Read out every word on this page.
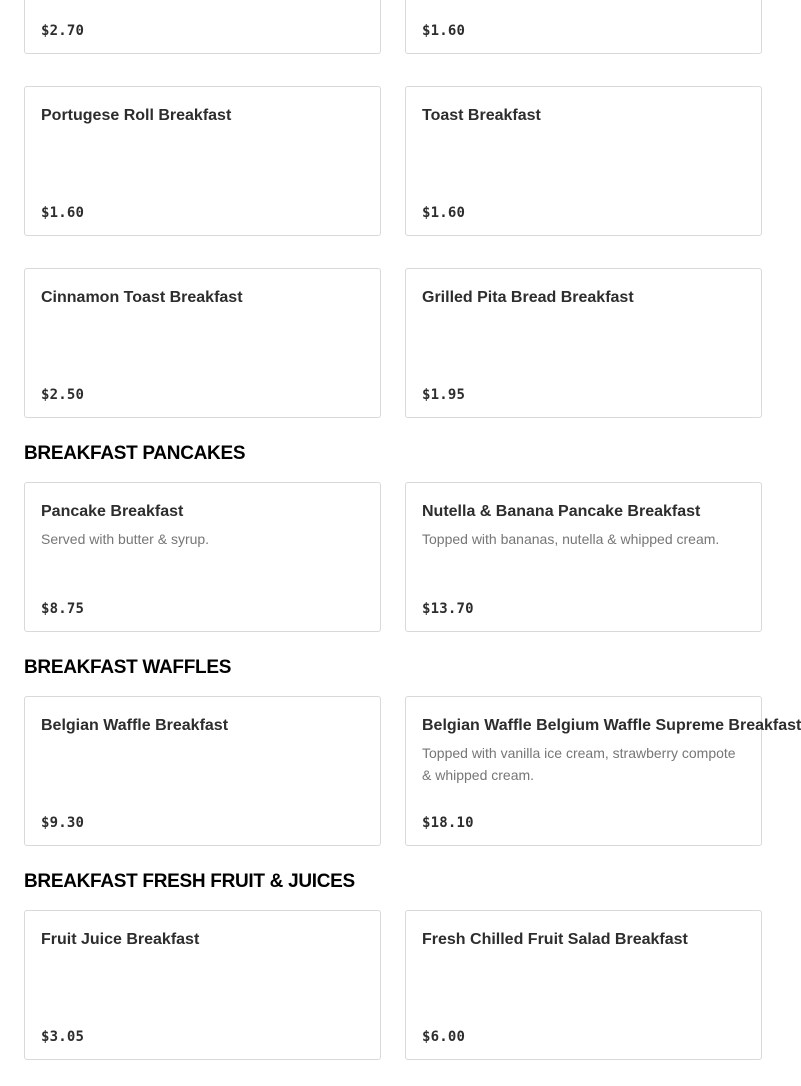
$2.70	$1.60
Portugese Roll Breakfast
$1.60
Toast Breakfast
$1.60
Cinnamon Toast Breakfast
$2.50
Grilled Pita Bread Breakfast
$1.95
BREAKFAST PANCAKES
Pancake Breakfast
Served with butter & syrup.
$8.75
Nutella & Banana Pancake Breakfast
Topped with bananas, nutella & whipped cream.
$13.70
BREAKFAST WAFFLES
Belgian Waffle Breakfast
$9.30
Belgian Waffle Belgium Waffle Supreme Breakfast
Topped with vanilla ice cream, strawberry compote & whipped cream.
$18.10
BREAKFAST FRESH FRUIT & JUICES
Fruit Juice Breakfast
$3.05
Fresh Chilled Fruit Salad Breakfast
$6.00
